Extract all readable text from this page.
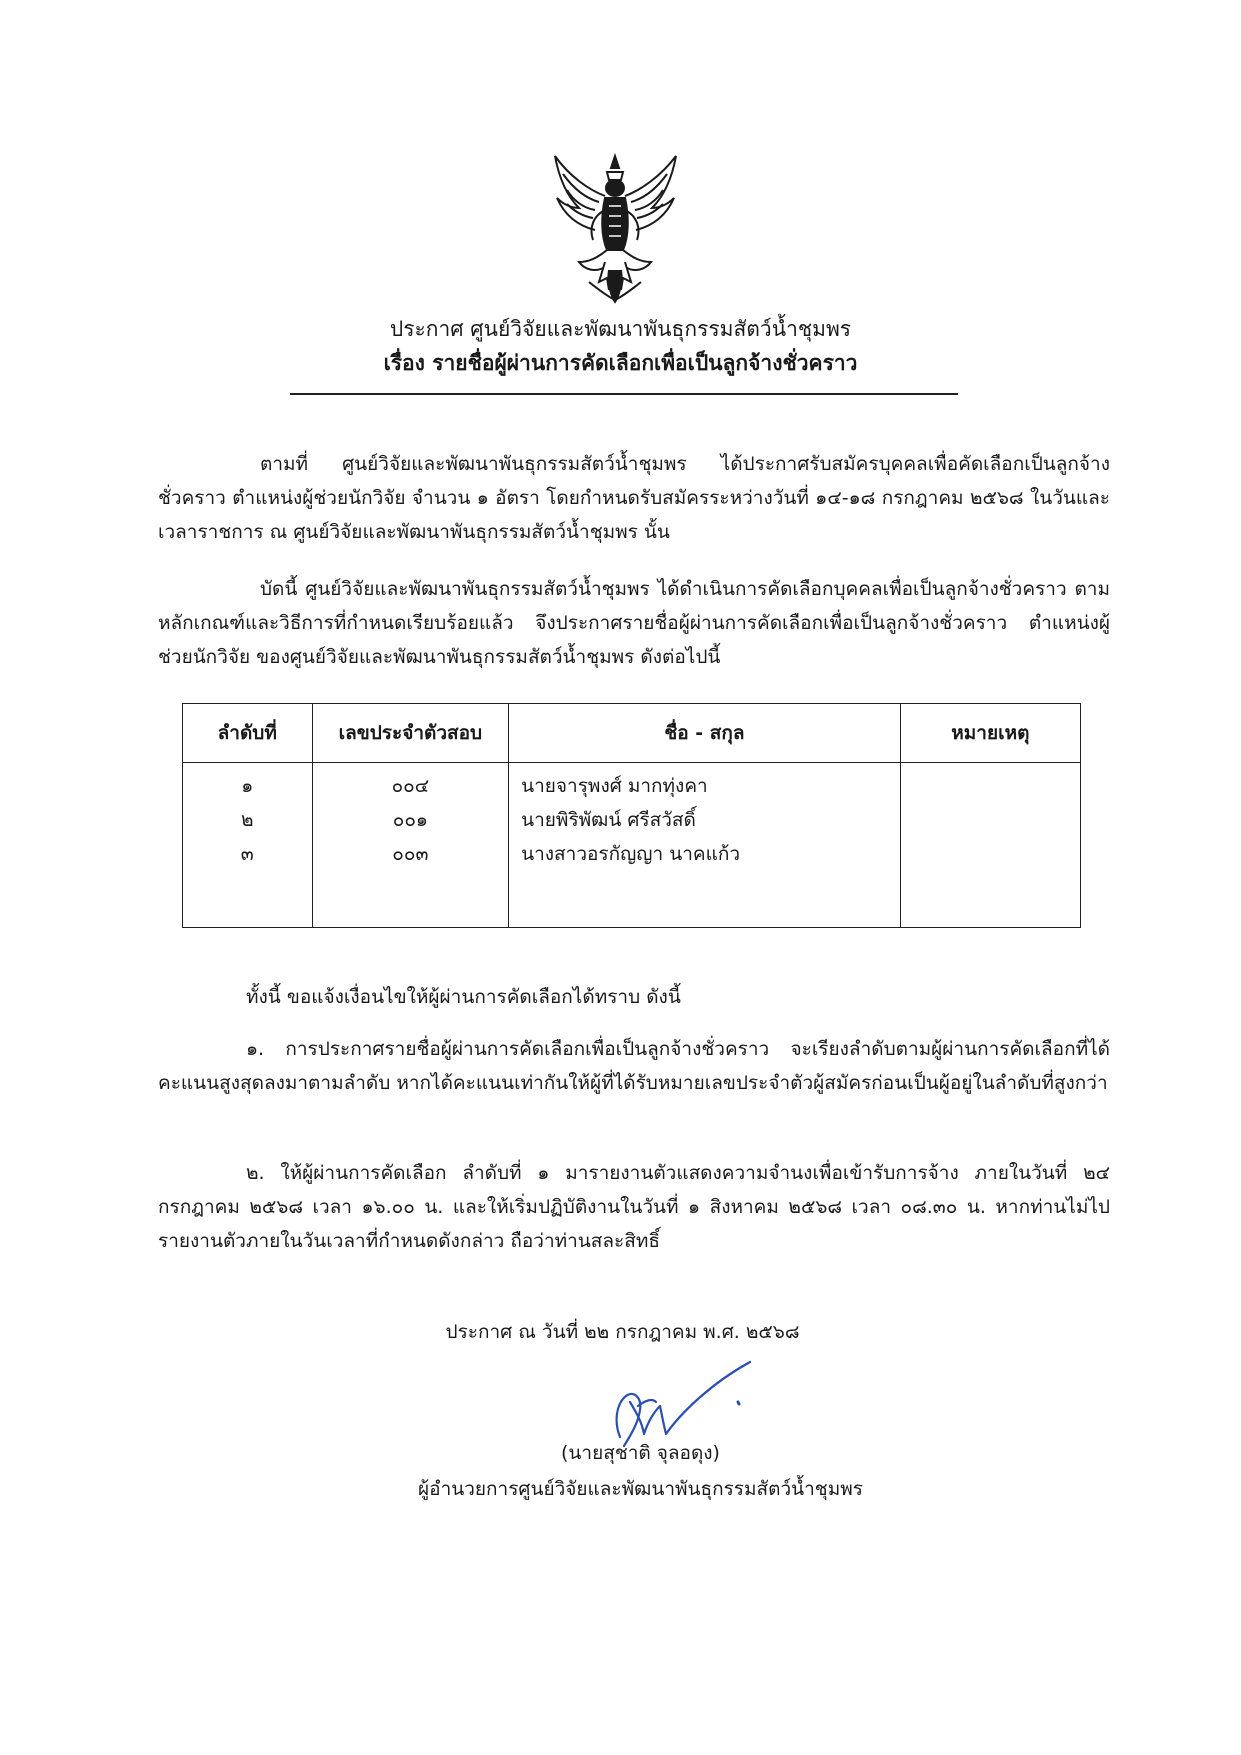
ประกาศ ศูนย์วิจัยและพัฒนาพันธุกรรมสัตว์น้ำชุมพร
เรื่อง รายชื่อผู้ผ่านการคัดเลือกเพื่อเป็นลูกจ้างชั่วคราว

ตามที่ ศูนย์วิจัยและพัฒนาพันธุกรรมสัตว์น้ำชุมพร ได้ประกาศรับสมัครบุคคลเพื่อคัดเลือกเป็นลูกจ้างชั่วคราว ตำแหน่งผู้ช่วยนักวิจัย จำนวน ๑ อัตรา โดยกำหนดรับสมัครระหว่างวันที่ ๑๔-๑๘ กรกฎาคม ๒๕๖๘ ในวันและเวลาราชการ ณ ศูนย์วิจัยและพัฒนาพันธุกรรมสัตว์น้ำชุมพร นั้น

บัดนี้ ศูนย์วิจัยและพัฒนาพันธุกรรมสัตว์น้ำชุมพร ได้ดำเนินการคัดเลือกบุคคลเพื่อเป็นลูกจ้างชั่วคราว ตามหลักเกณฑ์และวิธีการที่กำหนดเรียบร้อยแล้ว จึงประกาศรายชื่อผู้ผ่านการคัดเลือกเพื่อเป็นลูกจ้างชั่วคราว ตำแหน่งผู้ช่วยนักวิจัย ของศูนย์วิจัยและพัฒนาพันธุกรรมสัตว์น้ำชุมพร ดังต่อไปนี้

ลำดับที่	เลขประจำตัวสอบ	ชื่อ - สกุล	หมายเหตุ
๑	๐๐๔	นายจารุพงศ์ มากทุ่งคา	
๒	๐๐๑	นายพิริพัฒน์ ศรีสวัสดิ์	
๓	๐๐๓	นางสาวอรกัญญา นาคแก้ว	

ทั้งนี้ ขอแจ้งเงื่อนไขให้ผู้ผ่านการคัดเลือกได้ทราบ ดังนี้

๑. การประกาศรายชื่อผู้ผ่านการคัดเลือกเพื่อเป็นลูกจ้างชั่วคราว จะเรียงลำดับตามผู้ผ่านการคัดเลือกที่ได้คะแนนสูงสุดลงมาตามลำดับ หากได้คะแนนเท่ากันให้ผู้ที่ได้รับหมายเลขประจำตัวผู้สมัครก่อนเป็นผู้อยู่ในลำดับที่สูงกว่า

๒. ให้ผู้ผ่านการคัดเลือก ลำดับที่ ๑ มารายงานตัวแสดงความจำนงเพื่อเข้ารับการจ้าง ภายในวันที่ ๒๔ กรกฎาคม ๒๕๖๘ เวลา ๑๖.๐๐ น. และให้เริ่มปฏิบัติงานในวันที่ ๑ สิงหาคม ๒๕๖๘ เวลา ๐๘.๓๐ น. หากท่านไม่ไปรายงานตัวภายในวันเวลาที่กำหนดดังกล่าว ถือว่าท่านสละสิทธิ์

ประกาศ ณ วันที่ ๒๒ กรกฎาคม พ.ศ. ๒๕๖๘
(นายสุชาติ จุลอดุง)
ผู้อำนวยการศูนย์วิจัยและพัฒนาพันธุกรรมสัตว์น้ำชุมพร
